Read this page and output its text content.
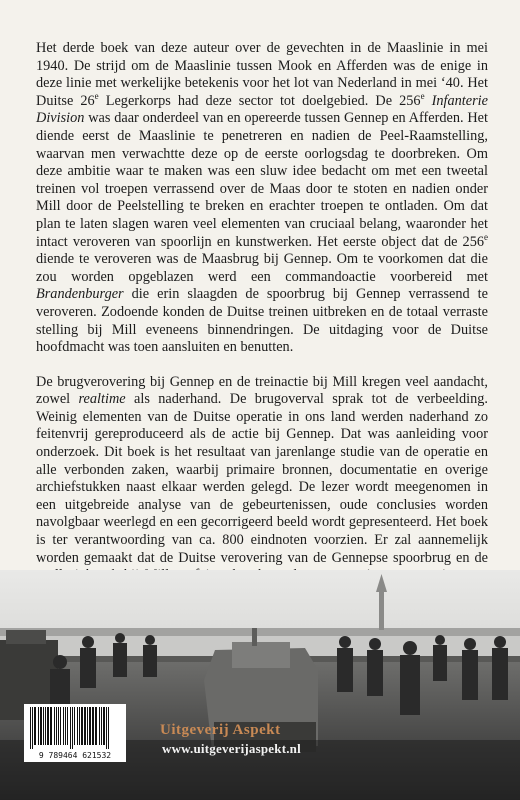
Het derde boek van deze auteur over de gevechten in de Maaslinie in mei 1940. De strijd om de Maaslinie tussen Mook en Afferden was de enige in deze linie met werkelijke betekenis voor het lot van Nederland in mei ‘40. Het Duitse 26e Legerkorps had deze sector tot doelgebied. De 256e Infanterie Division was daar onderdeel van en opereerde tussen Gennep en Afferden. Het diende eerst de Maaslinie te penetreren en nadien de Peel-Raamstelling, waarvan men verwachtte deze op de eerste oorlogsdag te doorbreken. Om deze ambitie waar te maken was een sluw idee bedacht om met een tweetal treinen vol troepen verrassend over de Maas door te stoten en nadien onder Mill door de Peelstelling te breken en erachter troepen te ontladen. Om dat plan te laten slagen waren veel elementen van cruciaal belang, waaronder het intact veroveren van spoorlijn en kunstwerken. Het eerste object dat de 256e diende te veroveren was de Maasbrug bij Gennep. Om te voorkomen dat die zou worden opgeblazen werd een commandoactie voorbereid met Brandenburger die erin slaagden de spoorbrug bij Gennep verrassend te veroveren. Zodoende konden de Duitse treinen uitbreken en de totaal verraste stelling bij Mill eveneens binnendringen. De uitdaging voor de Duitse hoofdmacht was toen aansluiten en benutten.

De brugverovering bij Gennep en de treinactie bij Mill kregen veel aandacht, zowel realtime als naderhand. De brugoverval sprak tot de verbeelding. Weinig elementen van de Duitse operatie in ons land werden naderhand zo feitenvrij gereproduceerd als de actie bij Gennep. Dat was aanleiding voor onderzoek. Dit boek is het resultaat van jarenlange studie van de operatie en alle verbonden zaken, waarbij primaire bronnen, documentatie en overige archiefstukken naast elkaar werden gelegd. De lezer wordt meegenomen in een uitgebreide analyse van de gebeurtenissen, oude conclusies worden navolgbaar weerlegd en een gecorrigeerd beeld wordt gepresenteerd. Het boek is ter verantwoording van ca. 800 eindnoten voorzien. Er zal aannemelijk worden gemaakt dat de Duitse verovering van de Gennepse spoorbrug en de

9 789464 621532
Uitgeverij Aspekt
www.uitgeverijaspekt.nl
